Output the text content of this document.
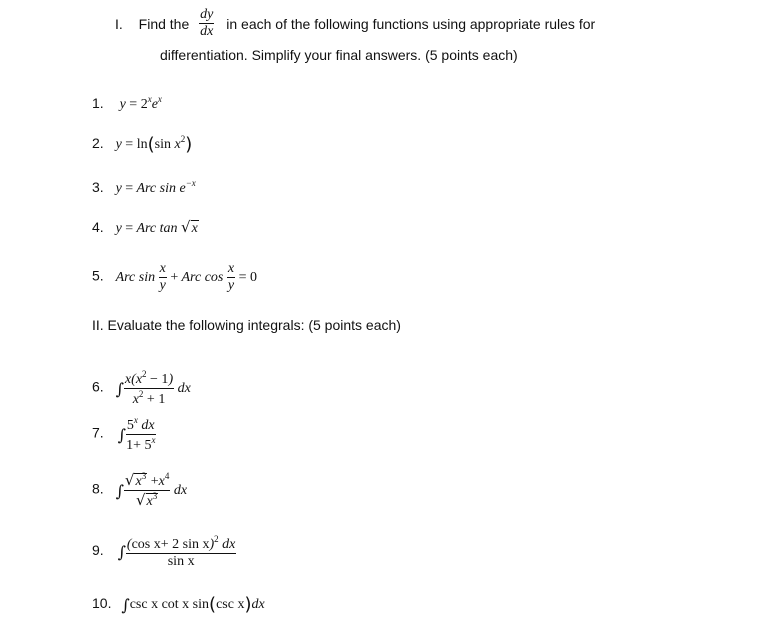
I. Find the $\frac{dy}{dx}$ in each of the following functions using appropriate rules for
differentiation. Simplify your final answers. (5 points each)
1. $y = 2^xe^x$
2. y = ln(sin $x^2$)
3. y = Arc $\sin e^{-x}$
4. y = Arc tan √x
5. Arc $\sin \frac{x}{y}$ + Arc $\cos \frac{x}{y} = 0$
II. Evaluate the following integrals: (5 points each)
6. ∫ $\frac{x(x^2 - 1)}{x^2 + 1}$ dx
7. ∫ $\frac{5^x dx}{1+ 5^x}$
8. ∫ $\frac{√x^3 +x^4}{√x^3}$ dx
9. ∫ $\frac{(\cos x+ 2 \sin x)^2 dx}{\text{sin x}}$
10. ∫csc x cot x sin(csc x)dx
